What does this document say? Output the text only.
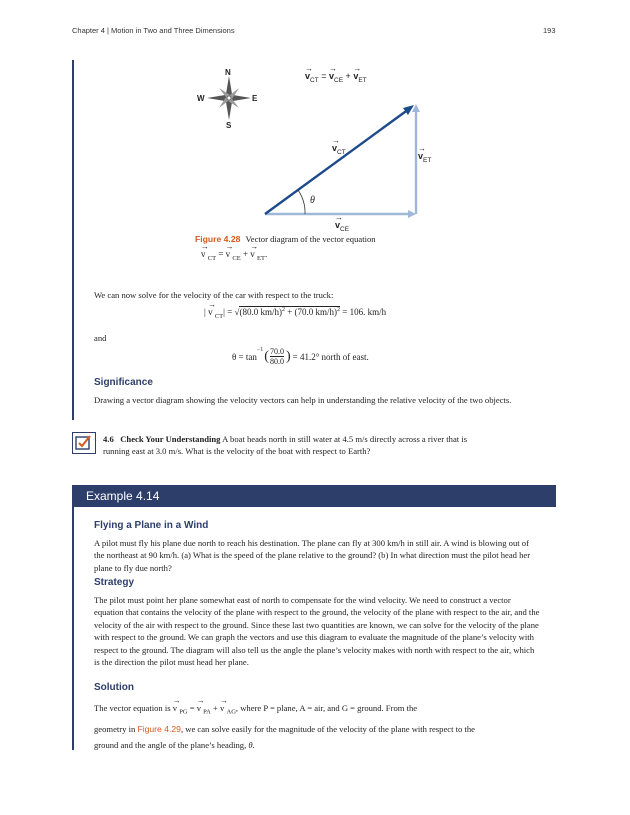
Chapter 4 | Motion in Two and Three Dimensions	193
N
S
E
W
→
$v_{CT}$ =
→
$v_{CE}$ +
→
$v_{ET}$
→
$v_{CT}$	→
$v_{ET}$
→
$v_{CE}$
θ
Figure 4.28 Vector diagram of the vector equation
→
v $_{CT}$ =
→
v $_{CE}$ +
→
v $_{ET}$.
We can now solve for the velocity of the car with respect to the truck:
|
→
v $_{CT}$| = √(80.0 km/h)$^2$ + (70.0 km/h)$^2$ = 106. km/h
and
θ = tan
$^{-1}$ ( 70.0
80.0 ) = 41.2° north of east.
Significance
Drawing a vector diagram showing the velocity vectors can help in understanding the relative velocity of the two objects.
4.6 Check Your Understanding A boat heads north in still water at 4.5 m/s directly across a river that is
running east at 3.0 m/s. What is the velocity of the boat with respect to Earth?
Example 4.14
Flying a Plane in a Wind
A pilot must fly his plane due north to reach his destination. The plane can fly at 300 km/h in still air. A wind is blowing out of the northeast at 90 km/h. (a) What is the speed of the plane relative to the ground? (b) In what direction must the pilot head her plane to fly due north?
Strategy
The pilot must point her plane somewhat east of north to compensate for the wind velocity. We need to construct a vector equation that contains the velocity of the plane with respect to the ground, the velocity of the plane with respect to the air, and the velocity of the air with respect to the ground. Since these last two quantities are known, we can solve for the velocity of the plane with respect to the ground. We can graph the vectors and use this diagram to evaluate the magnitude of the plane’s velocity with respect to the ground. The diagram will also tell us the angle the plane’s velocity makes with north with respect to the air, which is the direction the pilot must head her plane.
Solution
The vector equation is
→
v $_{PG}$ =
→
v $_{PA}$ +
→
v $_{AG}$, where P = plane, A = air, and G = ground. From the
geometry in Figure 4.29, we can solve easily for the magnitude of the velocity of the plane with respect to the
ground and the angle of the plane’s heading, θ.
